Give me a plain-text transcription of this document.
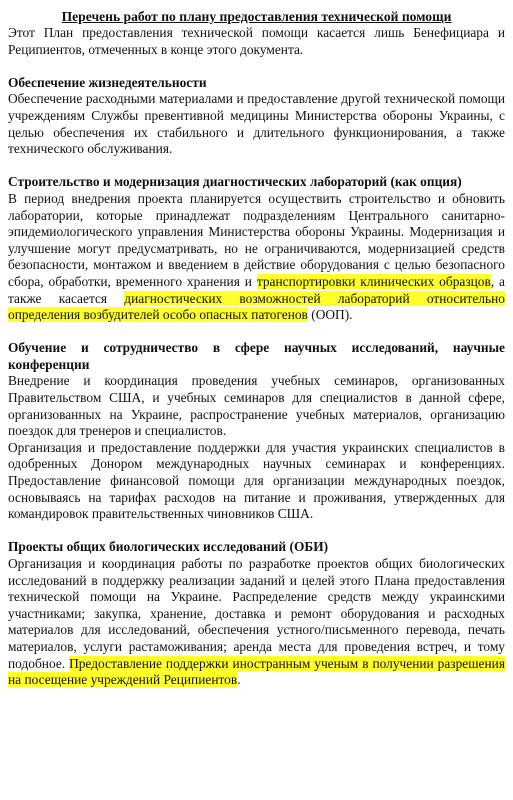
Перечень работ по плану предоставления технической помощи

Этот План предоставления технической помощи касается лишь Бенефициара и Реципиентов, отмеченных в конце этого документа.

Обеспечение жизнедеятельности

Обеспечение расходными материалами и предоставление другой технической помощи учреждениям Службы превентивной медицины Министерства обороны Украины, с целью обеспечения их стабильного и длительного функционирования, а также технического обслуживания.

Строительство и модернизация диагностических лабораторий (как опция)

В период внедрения проекта планируется осуществить строительство и обновить лаборатории, которые принадлежат подразделениям Центрального санитарно-эпидемиологического управления Министерства обороны Украины. Модернизация и улучшение могут предусматривать, но не ограничиваются, модернизацией средств безопасности, монтажом и введением в действие оборудования с целью безопасного сбора, обработки, временного хранения и транспортировки клинических образцов, а также касается диагностических возможностей лабораторий относительно определения возбудителей особо опасных патогенов (ООП).

Обучение и сотрудничество в сфере научных исследований, научные конференции

Внедрение и координация проведения учебных семинаров, организованных Правительством США, и учебных семинаров для специалистов в данной сфере, организованных на Украине, распространение учебных материалов, организацию поездок для тренеров и специалистов.

Организация и предоставление поддержки для участия украинских специалистов в одобренных Донором международных научных семинарах и конференциях. Предоставление финансовой помощи для организации международных поездок, основываясь на тарифах расходов на питание и проживания, утвержденных для командировок правительственных чиновников США.

Проекты общих биологических исследований (ОБИ)

Организация и координация работы по разработке проектов общих биологических исследований в поддержку реализации заданий и целей этого Плана предоставления технической помощи на Украине. Распределение средств между украинскими участниками; закупка, хранение, доставка и ремонт оборудования и расходных материалов для исследований, обеспечения устного/письменного перевода, печать материалов, услуги растаможивания; аренда места для проведения встреч, и тому подобное. Предоставление поддержки иностранным ученым в получении разрешения на посещение учреждений Реципиентов.
